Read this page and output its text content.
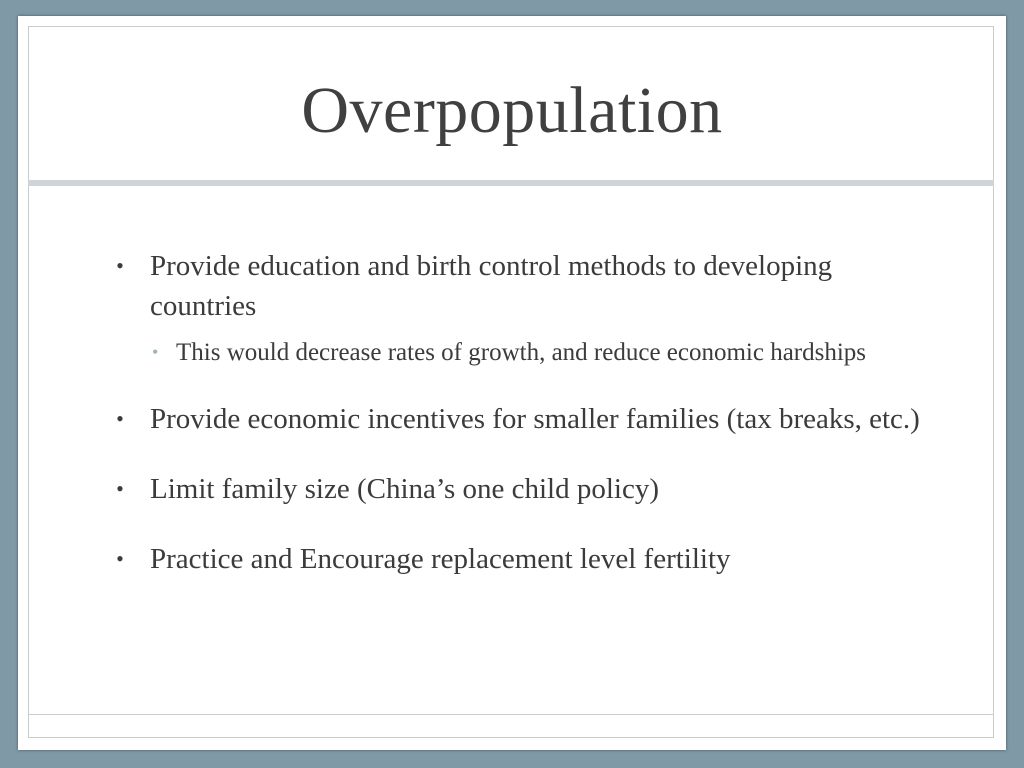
Overpopulation
• Provide education and birth control methods to developing countries
• This would decrease rates of growth, and reduce economic hardships
• Provide economic incentives for smaller families (tax breaks, etc.)
• Limit family size (China’s one child policy)
• Practice and Encourage replacement level fertility
